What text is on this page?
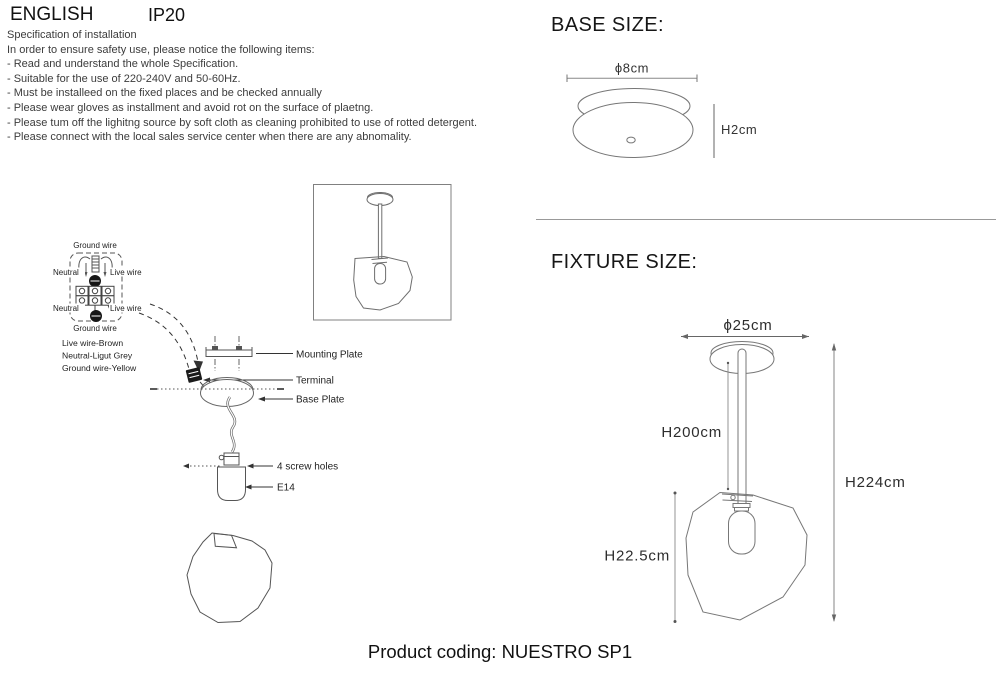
ENGLISH	IP20
Specification of installation
In order to ensure safety use, please notice the following items:
- Read and understand the whole Specification.
- Suitable for the use of 220-240V and 50-60Hz.
- Must be installeed on the fixed places and be checked annually
- Please wear gloves as installment and avoid rot on the surface of plaetng.
- Please tum off the lighitng source by soft cloth as cleaning prohibited to use of rotted detergent.
- Please connect with the local sales service center when there are any abnomality.
Ground wire
Neutral	Live wire
Neutral	Live wire
Ground wire
Live wire-Brown
Neutral-Ligut Grey
Ground wire-Yellow
Mounting Plate
Terminal
Base Plate
4 screw holes
E14
BASE SIZE:
ϕ8cm
H2cm
FIXTURE SIZE:
ϕ25cm
H200cm
H224cm
H22.5cm
Product coding: NUESTRO SP1
